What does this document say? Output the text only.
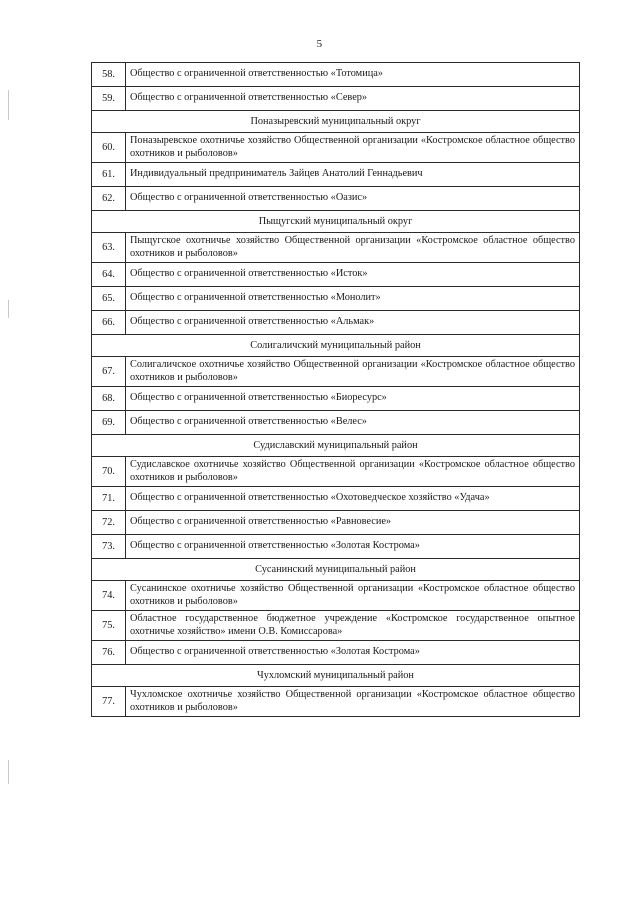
5
58.	Общество с ограниченной ответственностью «Тотомица»
59.	Общество с ограниченной ответственностью «Север»
Поназыревский муниципальный округ	
60.	Поназыревское охотничье хозяйство Общественной организации «Костромское областное общество охотников и рыболовов»
61.	Индивидуальный предприниматель Зайцев Анатолий Геннадьевич
62.	Общество с ограниченной ответственностью «Оазис»
Пыщугский муниципальный округ	
63.	Пыщугское охотничье хозяйство Общественной организации «Костромское областное общество охотников и рыболовов»
64.	Общество с ограниченной ответственностью «Исток»
65.	Общество с ограниченной ответственностью «Монолит»
66.	Общество с ограниченной ответственностью «Альмак»
Солигаличский муниципальный район	
67.	Солигаличское охотничье хозяйство Общественной организации «Костромское областное общество охотников и рыболовов»
68.	Общество с ограниченной ответственностью «Биоресурс»
69.	Общество с ограниченной ответственностью «Велес»
Судиславский муниципальный район	
70.	Судиславское охотничье хозяйство Общественной организации «Костромское областное общество охотников и рыболовов»
71.	Общество с ограниченной ответственностью «Охотоведческое хозяйство «Удача»
72.	Общество с ограниченной ответственностью «Равновесие»
73.	Общество с ограниченной ответственностью «Золотая Кострома»
Сусанинский муниципальный район	
74.	Сусанинское охотничье хозяйство Общественной организации «Костромское областное общество охотников и рыболовов»
75.	Областное государственное бюджетное учреждение «Костромское государственное опытное охотничье хозяйство» имени О.В. Комиссарова»
76.	Общество с ограниченной ответственностью «Золотая Кострома»
Чухломский муниципальный район	
77.	Чухломское охотничье хозяйство Общественной организации «Костромское областное общество охотников и рыболовов»
